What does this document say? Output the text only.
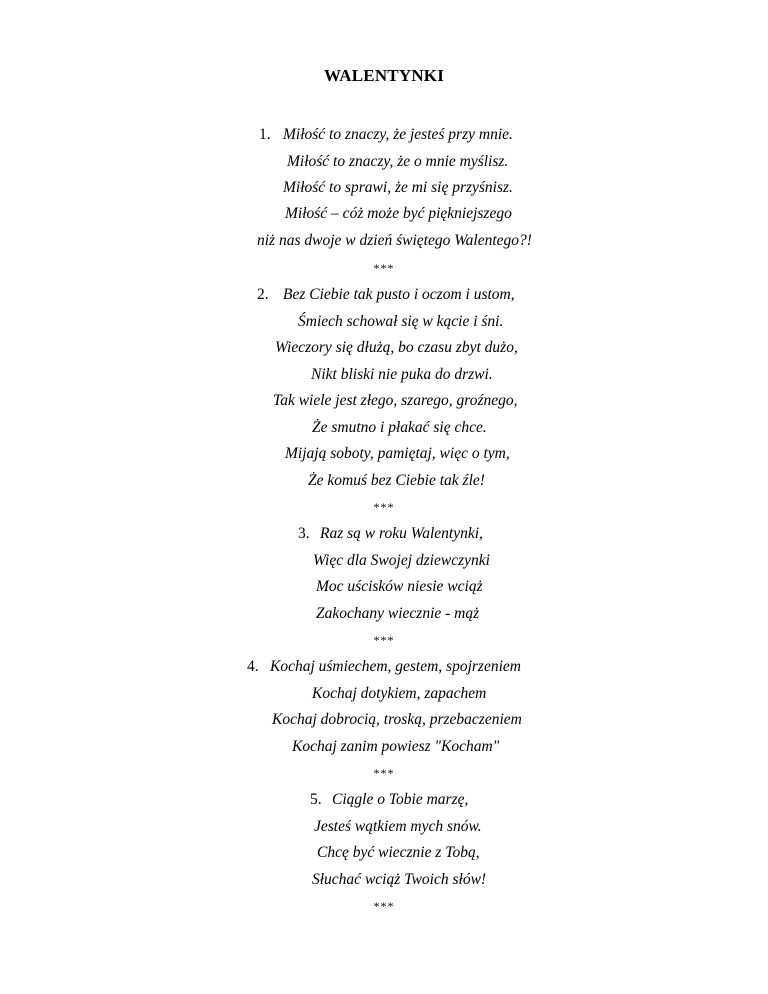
WALENTYNKI
1. Miłość to znaczy, że jesteś przy mnie.
Miłość to znaczy, że o mnie myślisz.
Miłość to sprawi, że mi się przyśnisz.
Miłość – cóż może być piękniejszego
niż nas dwoje w dzień świętego Walentego?!
***
2. Bez Ciebie tak pusto i oczom i ustom,
Śmiech schował się w kącie i śni.
Wieczory się dłużą, bo czasu zbyt dużo,
Nikt bliski nie puka do drzwi.
Tak wiele jest złego, szarego, groźnego,
Że smutno i płakać się chce.
Mijają soboty, pamiętaj, więc o tym,
Że komuś bez Ciebie tak źle!
***
3. Raz są w roku Walentynki,
Więc dla Swojej dziewczynki
Moc uścisków niesie wciąż
Zakochany wiecznie - mąż
***
4. Kochaj uśmiechem, gestem, spojrzeniem
Kochaj dotykiem, zapachem
Kochaj dobrocią, troską, przebaczeniem
Kochaj zanim powiesz "Kocham"
***
5. Ciągle o Tobie marzę,
Jesteś wątkiem mych snów.
Chcę być wiecznie z Tobą,
Słuchać wciąż Twoich słów!
***
